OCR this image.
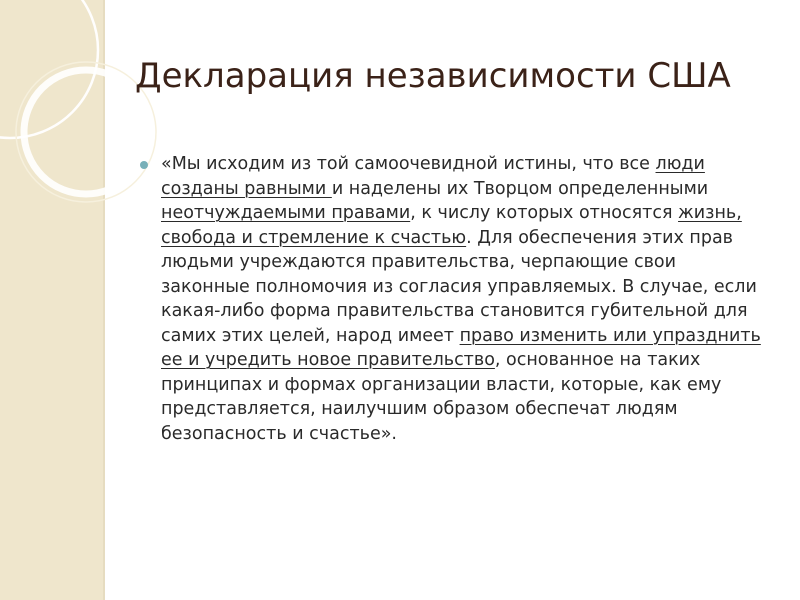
Декларация независимости США

«Мы исходим из той самоочевидной истины, что все люди созданы равными и наделены их Творцом определенными неотчуждаемыми правами, к числу которых относятся жизнь, свобода и стремление к счастью. Для обеспечения этих прав людьми учреждаются правительства, черпающие свои законные полномочия из согласия управляемых. В случае, если какая-либо форма правительства становится губительной для самих этих целей, народ имеет право изменить или упразднить ее и учредить новое правительство, основанное на таких принципах и формах организации власти, которые, как ему представляется, наилучшим образом обеспечат людям безопасность и счастье».
